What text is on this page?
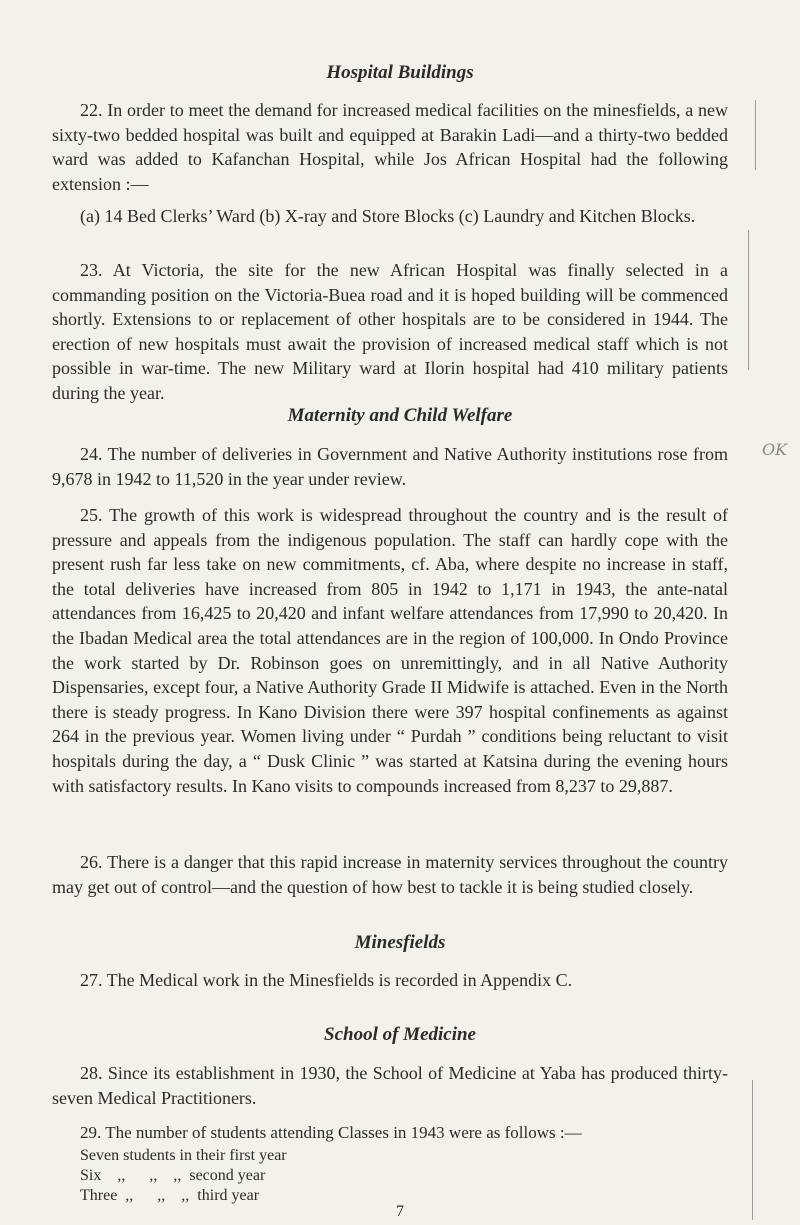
Hospital Buildings

22. In order to meet the demand for increased medical facilities on the minesfields, a new sixty-two bedded hospital was built and equipped at Barakin Ladi—and a thirty-two bedded ward was added to Kafanchan Hospital, while Jos African Hospital had the following extension :—

(a) 14 Bed Clerks’ Ward (b) X-ray and Store Blocks (c) Laundry and Kitchen Blocks.

23. At Victoria, the site for the new African Hospital was finally selected in a commanding position on the Victoria-Buea road and it is hoped building will be commenced shortly. Extensions to or replacement of other hospitals are to be considered in 1944. The erection of new hospitals must await the provision of increased medical staff which is not possible in war-time. The new Military ward at Ilorin hospital had 410 military patients during the year.

Maternity and Child Welfare

24. The number of deliveries in Government and Native Authority institutions rose from 9,678 in 1942 to 11,520 in the year under review.

25. The growth of this work is widespread throughout the country and is the result of pressure and appeals from the indigenous population. The staff can hardly cope with the present rush far less take on new commitments, cf. Aba, where despite no increase in staff, the total deliveries have increased from 805 in 1942 to 1,171 in 1943, the ante-natal attendances from 16,425 to 20,420 and infant welfare attendances from 17,990 to 20,420. In the Ibadan Medical area the total attendances are in the region of 100,000. In Ondo Province the work started by Dr. Robinson goes on unremittingly, and in all Native Authority Dispensaries, except four, a Native Authority Grade II Midwife is attached. Even in the North there is steady progress. In Kano Division there were 397 hospital confinements as against 264 in the previous year. Women living under “ Purdah ” conditions being reluctant to visit hospitals during the day, a “ Dusk Clinic ” was started at Katsina during the evening hours with satisfactory results. In Kano visits to compounds increased from 8,237 to 29,887.

26. There is a danger that this rapid increase in maternity services throughout the country may get out of control—and the question of how best to tackle it is being studied closely.

Minesfields

27. The Medical work in the Minesfields is recorded in Appendix C.

School of Medicine

28. Since its establishment in 1930, the School of Medicine at Yaba has produced thirty-seven Medical Practitioners.

29. The number of students attending Classes in 1943 were as follows :—

Seven students in their first year
Six    ,,      ,,    ,,  second year
Three  ,,      ,,    ,,  third year
7
OK
